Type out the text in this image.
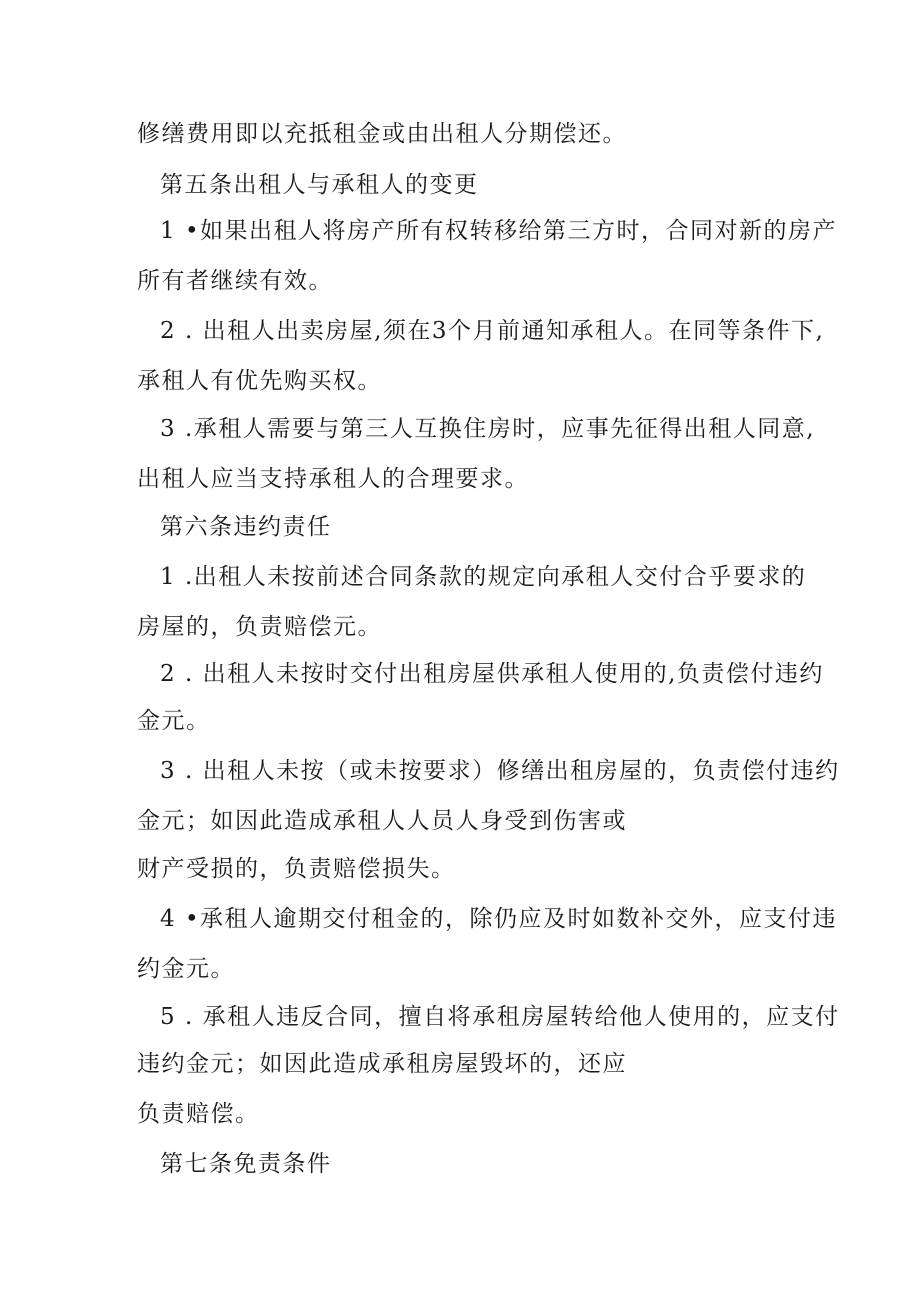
修缮费用即以充抵租金或由出租人分期偿还。
第五条出租人与承租人的变更
1 •如果出租人将房产所有权转移给第三方时，合同对新的房产
所有者继续有效。
2 . 出租人出卖房屋,须在3个月前通知承租人。在同等条件下,
承租人有优先购买权。
3 .承租人需要与第三人互换住房时，应事先征得出租人同意,
出租人应当支持承租人的合理要求。
第六条违约责任
1 .出租人未按前述合同条款的规定向承租人交付合乎要求的
房屋的，负责赔偿元。
2 . 出租人未按时交付出租房屋供承租人使用的,负责偿付违约
金元。
3 . 出租人未按（或未按要求）修缮出租房屋的，负责偿付违约
金元；如因此造成承租人人员人身受到伤害或
财产受损的，负责赔偿损失。
4 •承租人逾期交付租金的，除仍应及时如数补交外，应支付违
约金元。
5 . 承租人违反合同，擅自将承租房屋转给他人使用的，应支付
违约金元；如因此造成承租房屋毁坏的，还应
负责赔偿。
第七条免责条件
